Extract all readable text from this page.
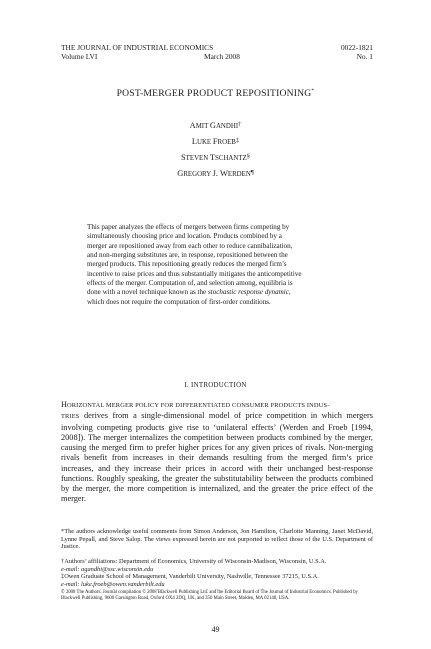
THE JOURNAL OF INDUSTRIAL ECONOMICS	0022-1821
Volume LVI	March 2008	No. 1
POST-MERGER PRODUCT REPOSITIONING*
AMIT GANDHI†
LUKE FROEB‡
STEVEN TSCHANTZ§
GREGORY J. WERDEN¶
This paper analyzes the effects of mergers between firms competing by
simultaneously choosing price and location. Products combined by a
merger are repositioned away from each other to reduce cannibalization,
and non-merging substitutes are, in response, repositioned between the
merged products. This repositioning greatly reduces the merged firm’s
incentive to raise prices and thus substantially mitigates the anticompetitive
effects of the merger. Computation of, and selection among, equilibria is
done with a novel technique known as the stochastic response dynamic,
which does not require the computation of first-order conditions.
I. INTRODUCTION
HORIZONTAL MERGER POLICY FOR DIFFERENTIATED CONSUMER PRODUCTS INDUS-
TRIES derives from a single-dimensional model of price competition in which mergers involving competing products give rise to ‘unilateral effects’ (Werden and Froeb [1994, 2008]). The merger internalizes the competition between products combined by the merger, causing the merged firm to prefer higher prices for any given prices of rivals. Non-merging rivals benefit from increases in their demands resulting from the merged firm’s price increases, and they increase their prices in accord with their unchanged best-response functions. Roughly speaking, the greater the substitutability between the products combined by the merger, the more competition is internalized, and the greater the price effect of the merger.
*The authors acknowledge useful comments from Simon Anderson, Jon Hamilton, Charlotte Manning, Janet McDavid, Lynne Pepall, and Steve Salop. The views expressed herein are not purported to reflect those of the U.S. Department of Justice.
†Authors’ affiliations: Department of Economics, University of Wisconsin-Madison, Wisconsin, U.S.A.
e-mail: agandhi@ssc.wisconsin.edu
‡Owen Graduate School of Management, Vanderbilt University, Nashville, Tennessee 37215, U.S.A.
e-mail: luke.froeb@owen.vanderbilt.edu
© 2008 The Authors. Journal compilation © 2008 Blackwell Publishing Ltd. and the Editorial Board of The Journal of Industrial Economics. Published by Blackwell Publishing, 9600 Garsington Road, Oxford OX4 2DQ, UK, and 350 Main Street, Malden, MA 02148, USA.
49
